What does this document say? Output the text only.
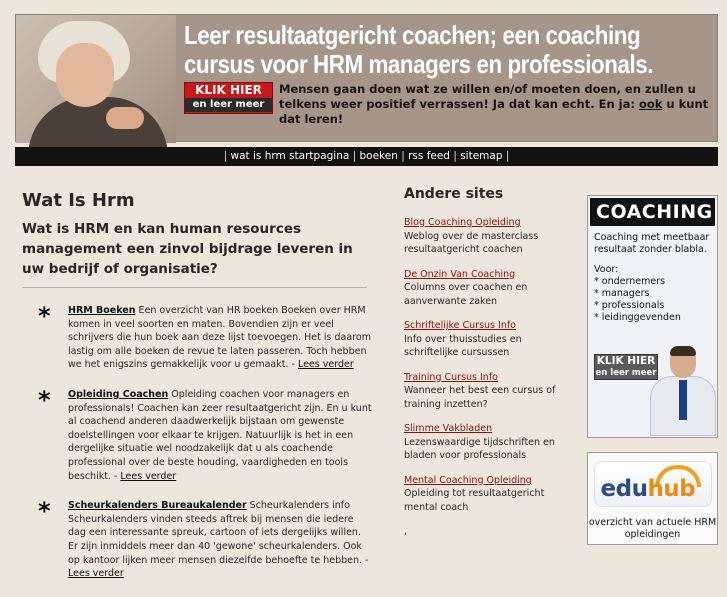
Leer resultaatgericht coachen; een coaching
cursus voor HRM managers en professionals.
KLIK HIER
en leer meer
Mensen gaan doen wat ze willen en/of moeten doen, en zullen u telkens weer positief verrassen! Ja dat kan echt. En ja: ook u kunt dat leren!
| wat is hrm startpagina | boeken | rss feed | sitemap |
Wat Is Hrm
Wat is HRM en kan human resources management een zinvol bijdrage leveren in uw bedrijf of organisatie?
* HRM Boeken Een overzicht van HR boeken Boeken over HRM komen in veel soorten en maten. Bovendien zijn er veel schrijvers die hun boek aan deze lijst toevoegen. Het is daarom lastig om alle boeken de revue te laten passeren. Toch hebben we het enigszins gemakkelijk voor u gemaakt. - Lees verder
* Opleiding Coachen Opleiding coachen voor managers en professionals! Coachen kan zeer resultaatgericht zijn. En u kunt al coachend anderen daadwerkelijk bijstaan om gewenste doelstellingen voor elkaar te krijgen. Natuurlijk is het in een dergelijke situatie wel noodzakelijk dat u als coachende professional over de beste houding, vaardigheden en tools beschikt. - Lees verder
* Scheurkalenders Bureaukalender Scheurkalenders info Scheurkalenders vinden steeds aftrek bij mensen die iedere dag een interessante spreuk, cartoon of iets dergelijks willen. Er zijn inmiddels meer dan 40 'gewone' scheurkalenders. Ook op kantoor lijken meer mensen diezelfde behoefte te hebben. - Lees verder
Andere sites
Blog Coaching Opleiding
Weblog over de masterclass resultaatgericht coachen
De Onzin Van Coaching
Columns over coachen en aanverwante zaken
Schriftelijke Cursus Info
Info over thuisstudies en schriftelijke cursussen
Training Cursus Info
Wanneer het best een cursus of training inzetten?
Slimme Vakbladen
Lezenswaardige tijdschriften en bladen voor professionals
Mental Coaching Opleiding
Opleiding tot resultaatgericht mental coach
,
COACHING

Coaching met meetbaar resultaat zonder blabla.

Voor:
* ondernemers
* managers
* professionals
* leidinggevenden
KLIK HIER
en leer meer
eduhub
overzicht van actuele HRM opleidingen
